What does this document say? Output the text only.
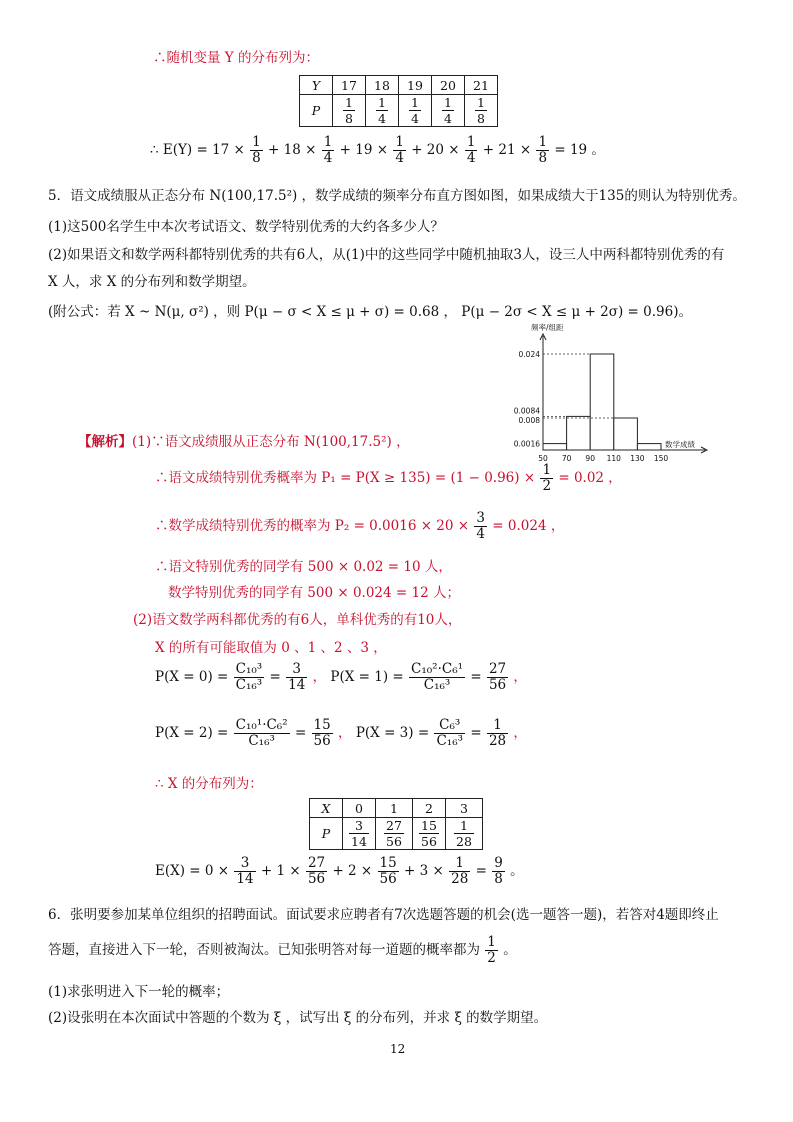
∴随机变量 Y 的分布列为：
Y	17	18	19	20	21
P	$\frac{1}{8}$	$\frac{1}{4}$	$\frac{1}{4}$	$\frac{1}{4}$	$\frac{1}{8}$
∴ $E(Y) = 17 \times \frac{1}{8} + 18 \times \frac{1}{4} + 19 \times \frac{1}{4} + 20 \times \frac{1}{4} + 21 \times \frac{1}{8} = 19$ 。
5．语文成绩服从正态分布 N(100,17.5²) ，数学成绩的频率分布直方图如图，如果成绩大于135的则认为特别优秀。
(1)这500名学生中本次考试语文、数学特别优秀的大约各多少人？
(2)如果语文和数学两科都特别优秀的共有6人，从(1)中的这些同学中随机抽取3人，设三人中两科都特别优秀的有
X 人，求 X 的分布列和数学期望。
(附公式：若 X ~ N(μ, σ²) ，则 P(μ − σ < X ≤ μ + σ) = 0.68 ， P(μ − 2σ < X ≤ μ + 2σ) = 0.96)。
0.024
0.0084
0.008
0.0016
50 70 90 110 130 150
频率/组距
数学成绩
【解析】(1)∵语文成绩服从正态分布 N(100,17.5²) ，
∴语文成绩特别优秀概率为 $P_1 = P(X \ge 135) = (1 - 0.96) \times \frac{1}{2} = 0.02$ ，
∴数学成绩特别优秀的概率为 $P_2 = 0.0016 \times 20 \times \frac{3}{4} = 0.024$ ，
∴语文特别优秀的同学有 500 × 0.02 = 10 人，
数学特别优秀的同学有 500 × 0.024 = 12 人；
(2)语文数学两科都优秀的有6人，单科优秀的有10人，
X 的所有可能取值为 0 、1 、2 、3 ，
$P(X = 0) = \frac{\text{C₁₀³}}{\text{C₁₆³}} = \frac{3}{14}$ ， $P(X = 1) = \frac{\text{C₁₀²·C₆¹}}{\text{C₁₆³}} = \frac{27}{56}$ ，
$P(X = 2) = \frac{\text{C₁₀¹·C₆²}}{\text{C₁₆³}} = \frac{15}{56}$ ， $P(X = 3) = \frac{\text{C₆³}}{\text{C₁₆³}} = \frac{1}{28}$ ，
∴ X 的分布列为：
X	0	1	2	3
P	$\frac{3}{14}$	$\frac{27}{56}$	$\frac{15}{56}$	$\frac{1}{28}$
$E(X) = 0 \times \frac{3}{14} + 1 \times \frac{27}{56} + 2 \times \frac{15}{56} + 3 \times \frac{1}{28} = \frac{9}{8}$ 。
6．张明要参加某单位组织的招聘面试。面试要求应聘者有7次选题答题的机会(选一题答一题)，若答对4题即终止
答题，直接进入下一轮，否则被淘汰。已知张明答对每一道题的概率都为 $\frac{1}{2}$ 。
(1)求张明进入下一轮的概率；
(2)设张明在本次面试中答题的个数为 ξ ，试写出 ξ 的分布列，并求 ξ 的数学期望。
12
